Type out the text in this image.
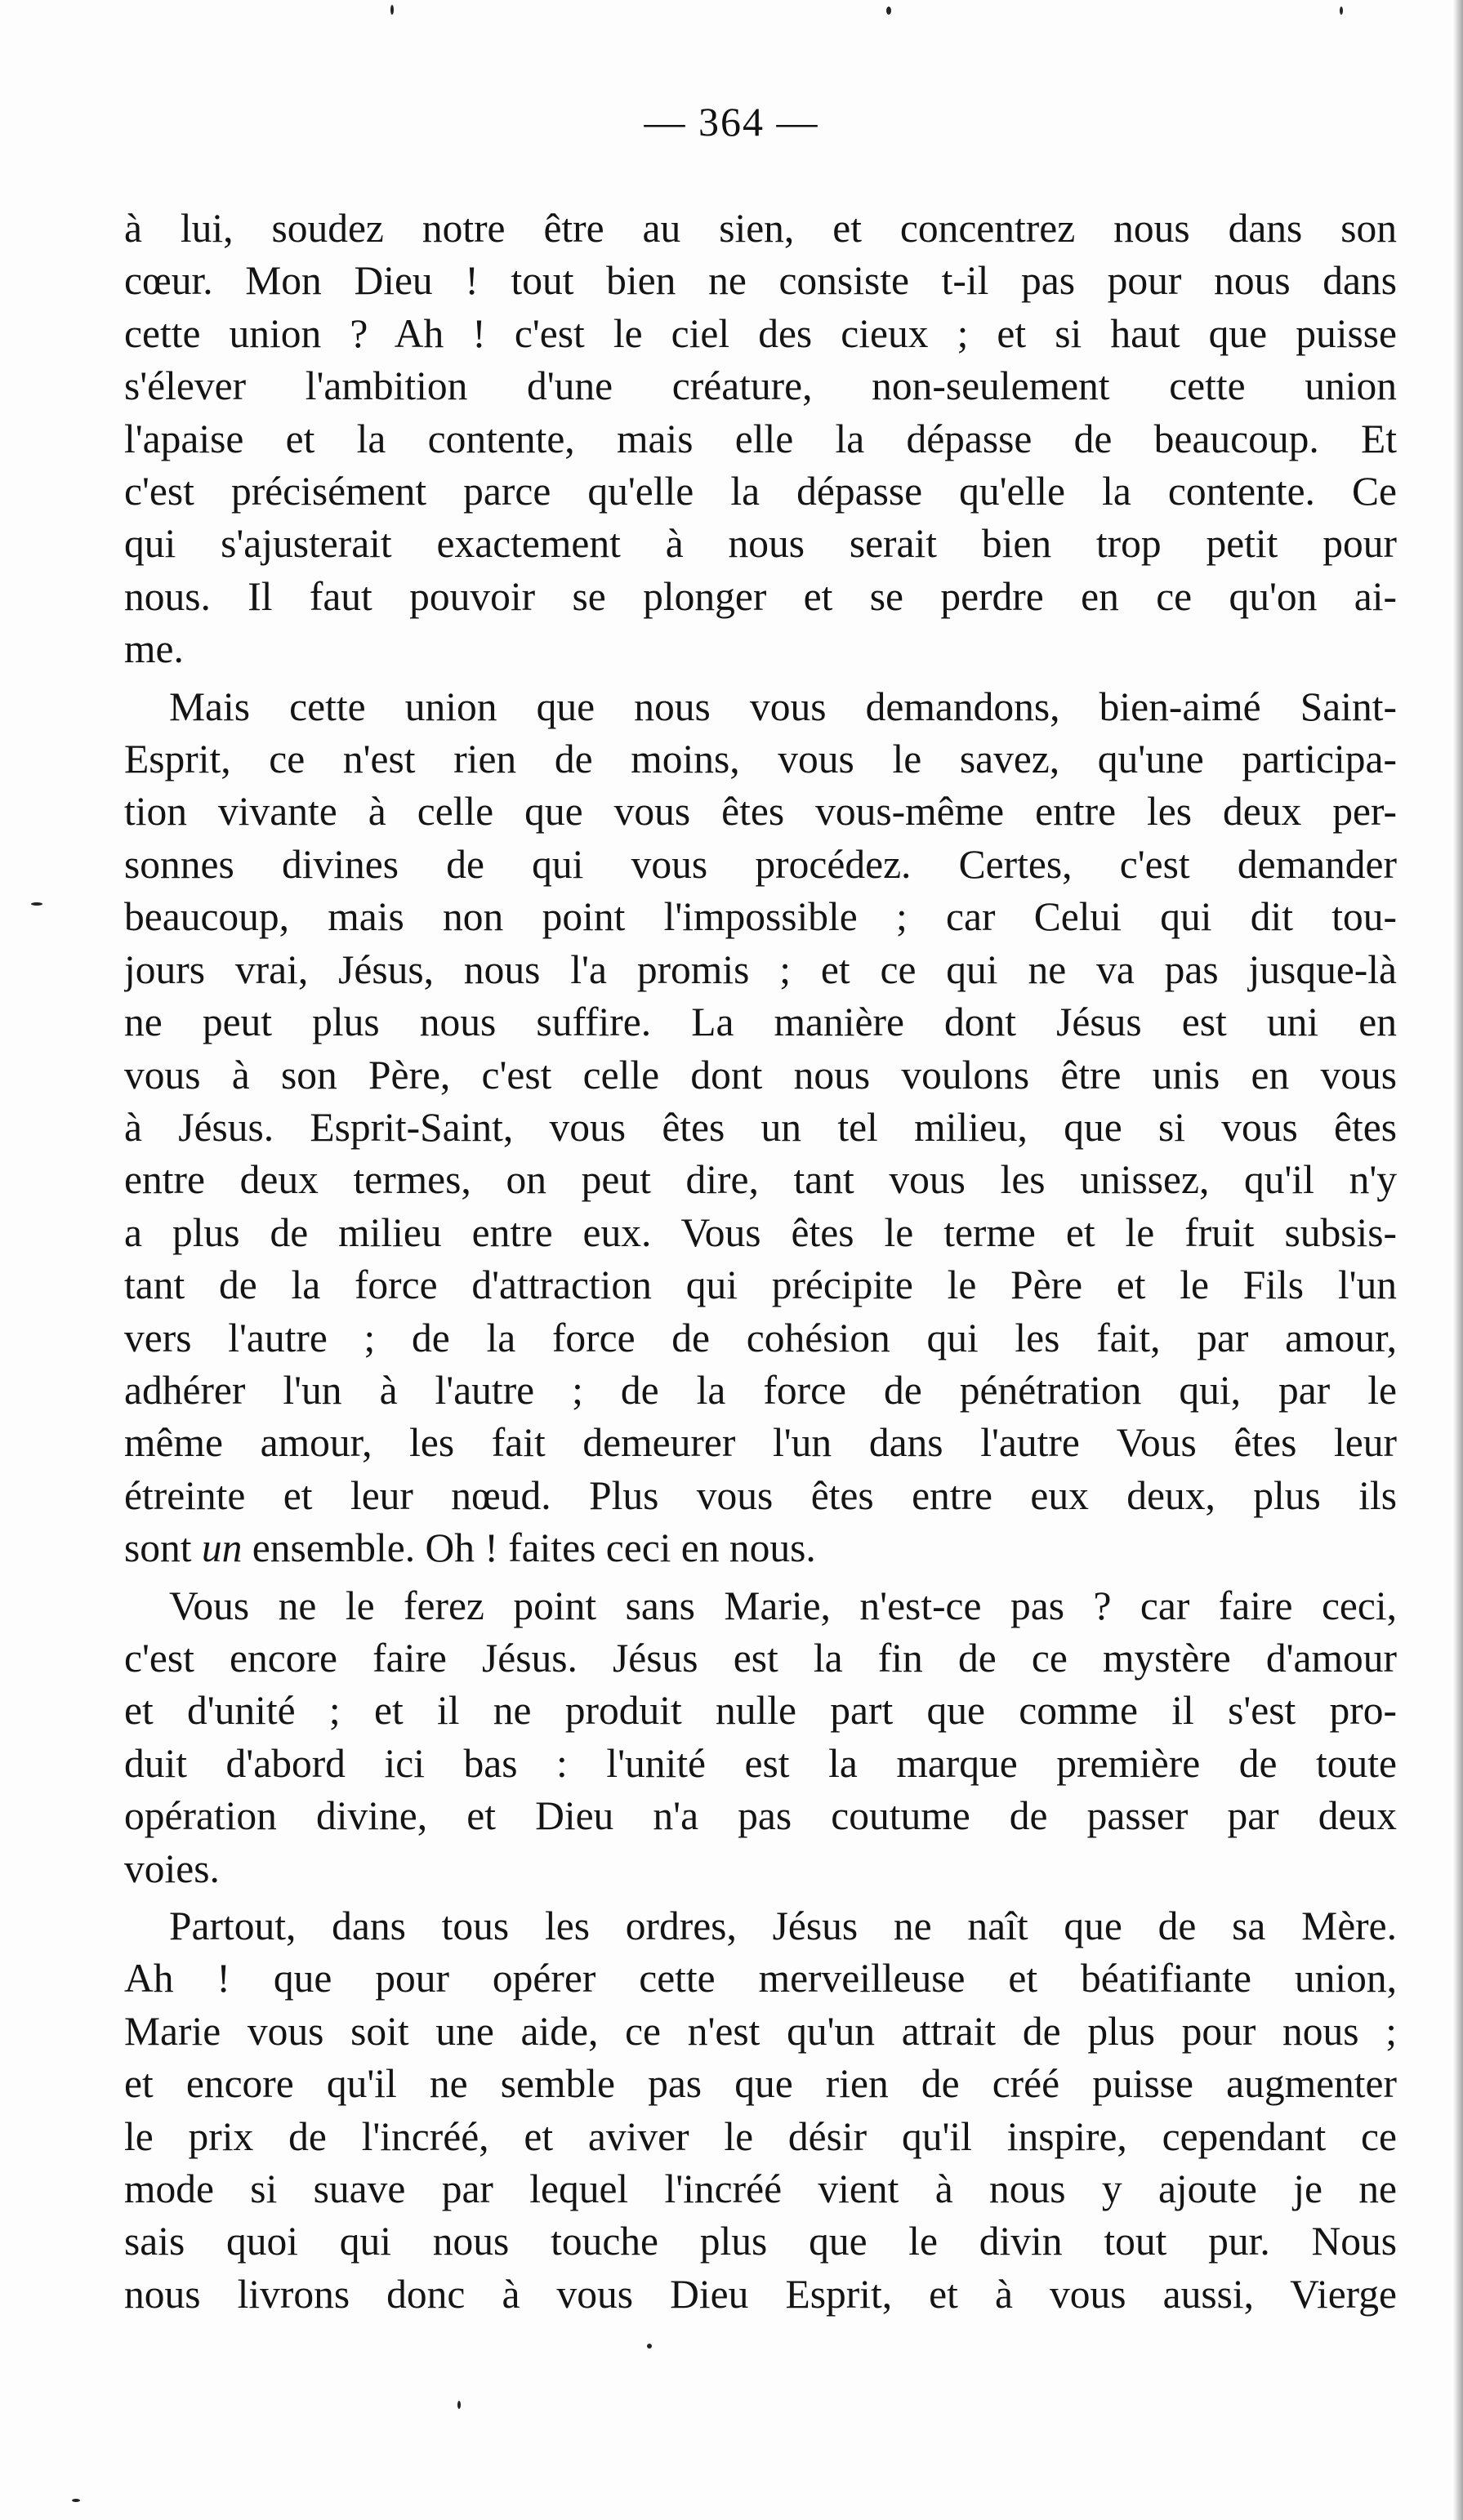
— 364 —
à lui, soudez notre être au sien, et concentrez nous dans son
cœur. Mon Dieu ! tout bien ne consiste t-il pas pour nous dans
cette union ? Ah ! c'est le ciel des cieux ; et si haut que puisse
s'élever l'ambition d'une créature, non-seulement cette union
l'apaise et la contente, mais elle la dépasse de beaucoup. Et
c'est précisément parce qu'elle la dépasse qu'elle la contente. Ce
qui s'ajusterait exactement à nous serait bien trop petit pour
nous. Il faut pouvoir se plonger et se perdre en ce qu'on ai-
me.
Mais cette union que nous vous demandons, bien-aimé Saint-
Esprit, ce n'est rien de moins, vous le savez, qu'une participa-
tion vivante à celle que vous êtes vous-même entre les deux per-
sonnes divines de qui vous procédez. Certes, c'est demander
beaucoup, mais non point l'impossible ; car Celui qui dit tou-
jours vrai, Jésus, nous l'a promis ; et ce qui ne va pas jusque-là
ne peut plus nous suffire. La manière dont Jésus est uni en
vous à son Père, c'est celle dont nous voulons être unis en vous
à Jésus. Esprit-Saint, vous êtes un tel milieu, que si vous êtes
entre deux termes, on peut dire, tant vous les unissez, qu'il n'y
a plus de milieu entre eux. Vous êtes le terme et le fruit subsis-
tant de la force d'attraction qui précipite le Père et le Fils l'un
vers l'autre ; de la force de cohésion qui les fait, par amour,
adhérer l'un à l'autre ; de la force de pénétration qui, par le
même amour, les fait demeurer l'un dans l'autre Vous êtes leur
étreinte et leur nœud. Plus vous êtes entre eux deux, plus ils
sont un ensemble. Oh ! faites ceci en nous.
Vous ne le ferez point sans Marie, n'est-ce pas ? car faire ceci,
c'est encore faire Jésus. Jésus est la fin de ce mystère d'amour
et d'unité ; et il ne produit nulle part que comme il s'est pro-
duit d'abord ici bas : l'unité est la marque première de toute
opération divine, et Dieu n'a pas coutume de passer par deux
voies.
Partout, dans tous les ordres, Jésus ne naît que de sa Mère.
Ah ! que pour opérer cette merveilleuse et béatifiante union,
Marie vous soit une aide, ce n'est qu'un attrait de plus pour nous ;
et encore qu'il ne semble pas que rien de créé puisse augmenter
le prix de l'incréé, et aviver le désir qu'il inspire, cependant ce
mode si suave par lequel l'incréé vient à nous y ajoute je ne
sais quoi qui nous touche plus que le divin tout pur. Nous
nous livrons donc à vous Dieu Esprit, et à vous aussi, Vierge
